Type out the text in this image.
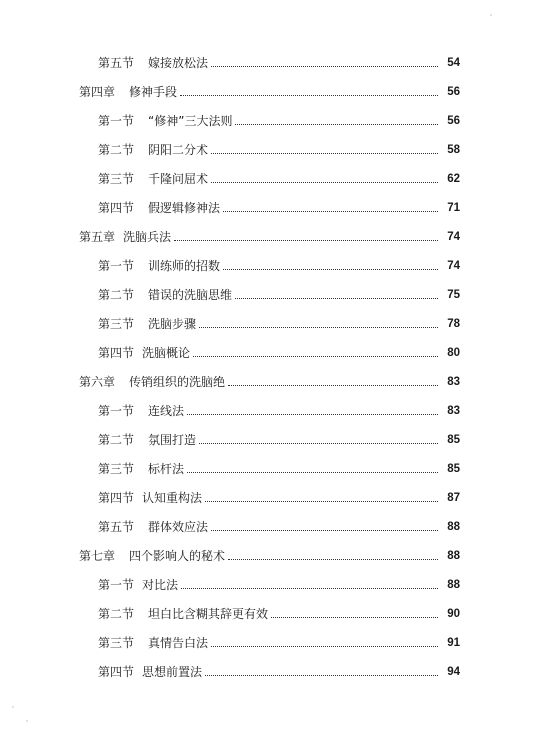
第五节 嫁接放松法	54
第四章 修神手段	56
第一节 “修神”三大法则	56
第二节 阴阳二分术	58
第三节 千隆问屈术	62
第四节 假逻辑修神法	71
第五章 洗脑兵法	74
第一节 训练师的招数	74
第二节 错误的洗脑思维	75
第三节 洗脑步骤	78
第四节 洗脑概论	80
第六章 传销组织的洗脑绝	83
第一节 连线法	83
第二节 氛围打造	85
第三节 标杆法	85
第四节 认知重构法	87
第五节 群体效应法	88
第七章 四个影响人的秘术	88
第一节 对比法	88
第二节 坦白比含糊其辞更有效	90
第三节 真情告白法	91
第四节 思想前置法	94
